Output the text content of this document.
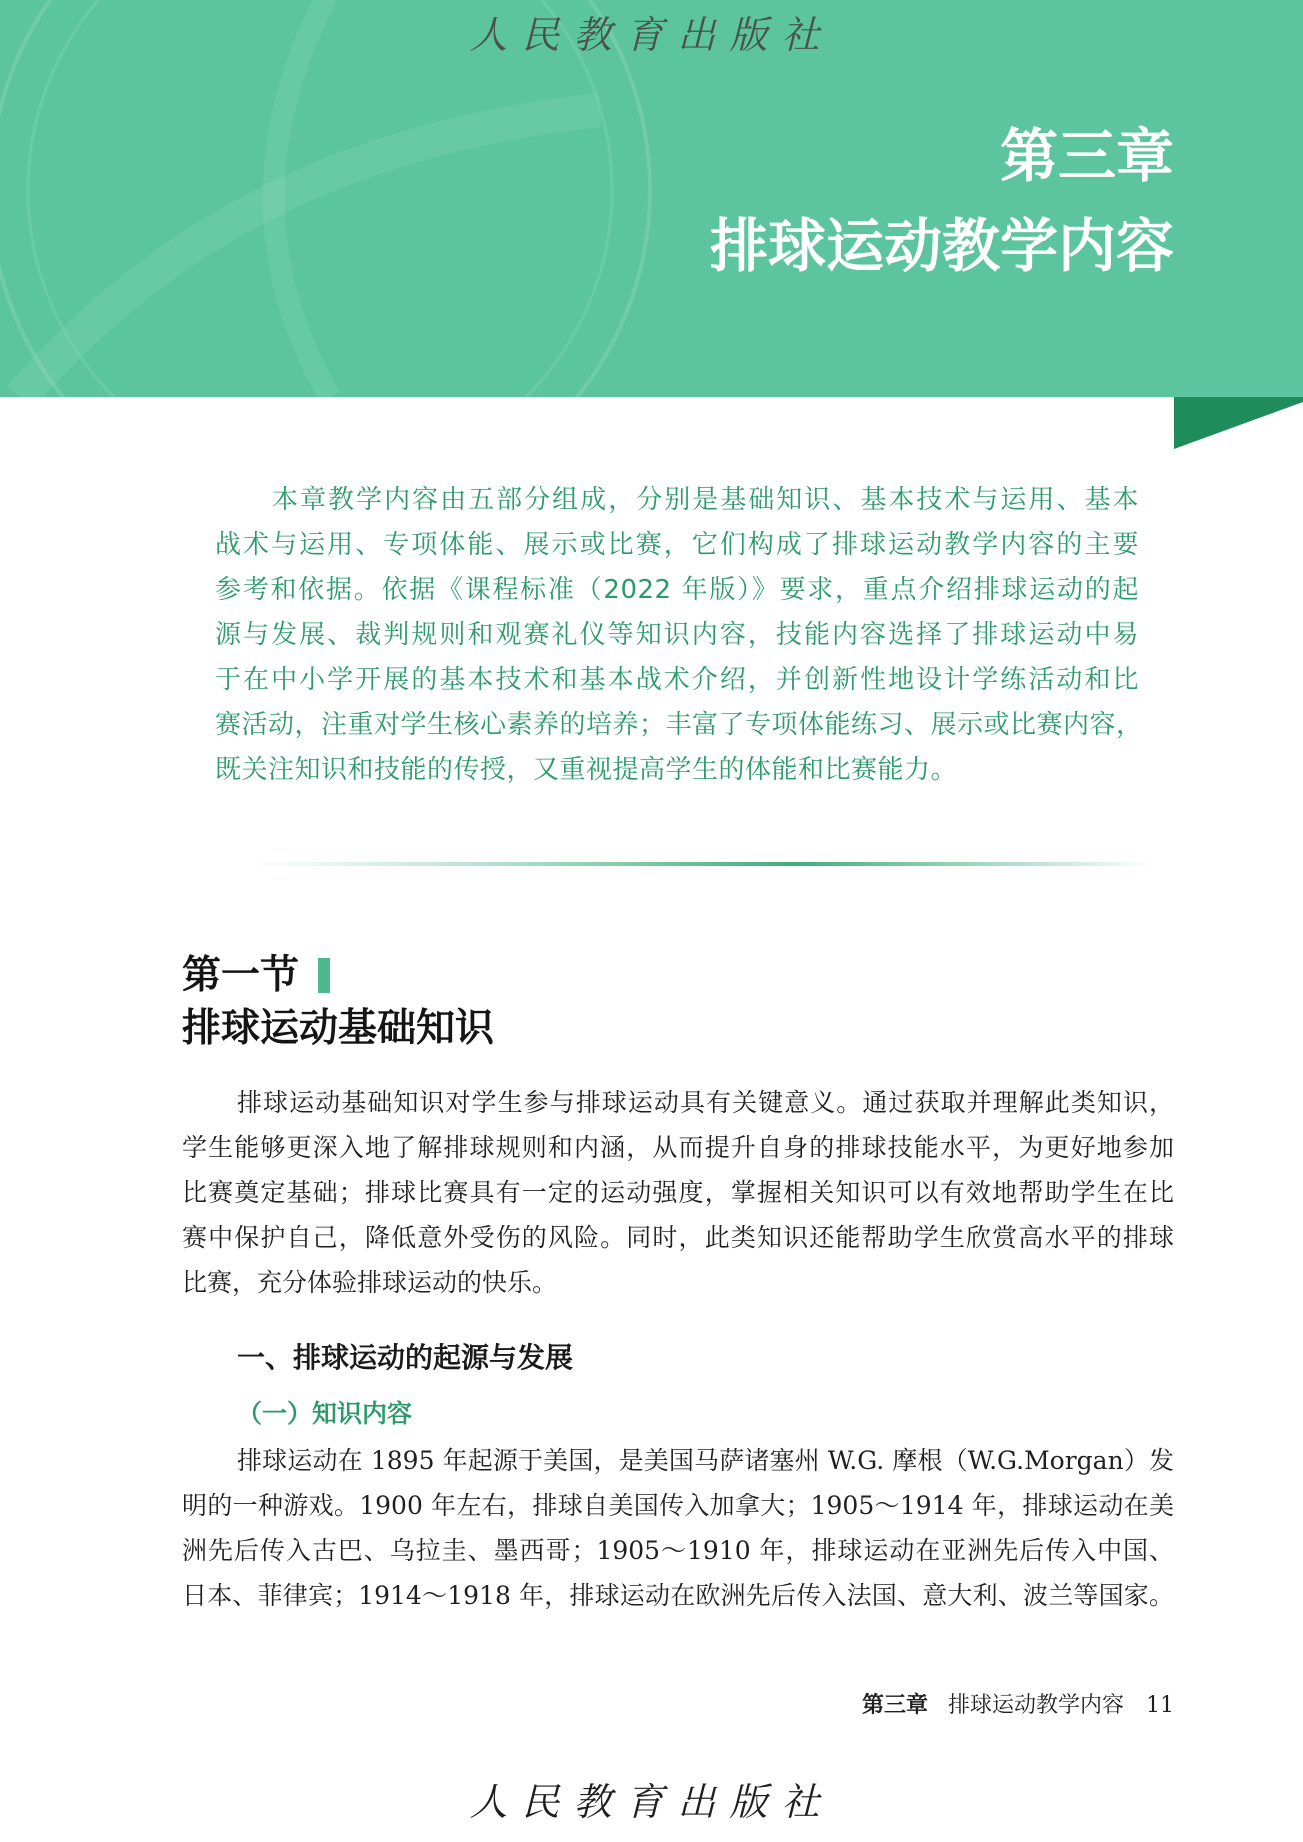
人民教育出版社
第三章
排球运动教学内容
本章教学内容由五部分组成，分别是基础知识、基本技术与运用、基本
战术与运用、专项体能、展示或比赛，它们构成了排球运动教学内容的主要
参考和依据。依据《课程标准（2022 年版）》要求，重点介绍排球运动的起
源与发展、裁判规则和观赛礼仪等知识内容，技能内容选择了排球运动中易
于在中小学开展的基本技术和基本战术介绍，并创新性地设计学练活动和比
赛活动，注重对学生核心素养的培养；丰富了专项体能练习、展示或比赛内容，
既关注知识和技能的传授，又重视提高学生的体能和比赛能力。
第一节
排球运动基础知识
排球运动基础知识对学生参与排球运动具有关键意义。通过获取并理解此类知识，
学生能够更深入地了解排球规则和内涵，从而提升自身的排球技能水平，为更好地参加
比赛奠定基础；排球比赛具有一定的运动强度，掌握相关知识可以有效地帮助学生在比
赛中保护自己，降低意外受伤的风险。同时，此类知识还能帮助学生欣赏高水平的排球
比赛，充分体验排球运动的快乐。
一、排球运动的起源与发展
（一）知识内容
排球运动在 1895 年起源于美国，是美国马萨诸塞州 W.G. 摩根（W.G.Morgan）发
明的一种游戏。1900 年左右，排球自美国传入加拿大；1905～1914 年，排球运动在美
洲先后传入古巴、乌拉圭、墨西哥；1905～1910 年，排球运动在亚洲先后传入中国、
日本、菲律宾；1914～1918 年，排球运动在欧洲先后传入法国、意大利、波兰等国家。
第三章 排球运动教学内容 11
人民教育出版社
